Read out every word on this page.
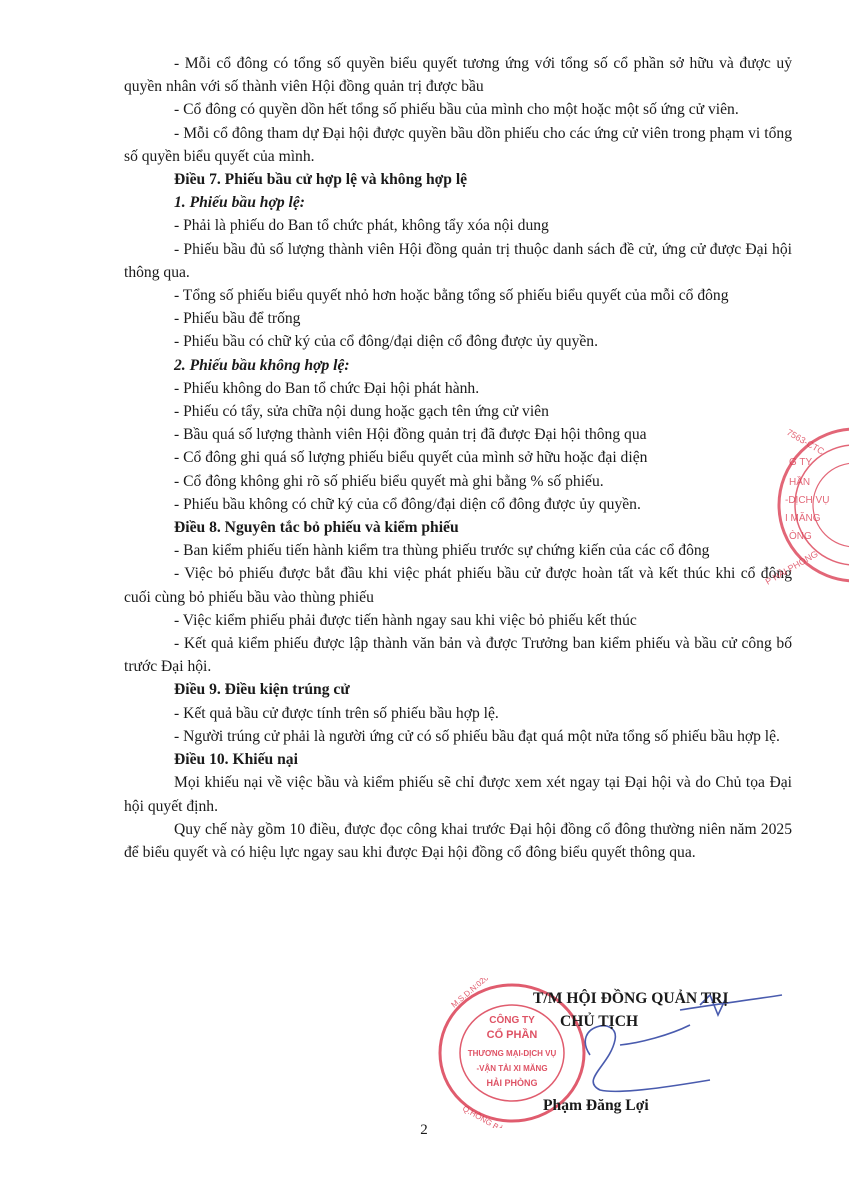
- Mỗi cổ đông có tổng số quyền biểu quyết tương ứng với tổng số cổ phần sở hữu và được uỷ quyền nhân với số thành viên Hội đồng quản trị được bầu

- Cổ đông có quyền dồn hết tổng số phiếu bầu của mình cho một hoặc một số ứng cử viên.

- Mỗi cổ đông tham dự Đại hội được quyền bầu dồn phiếu cho các ứng cử viên trong phạm vi tổng số quyền biểu quyết của mình.

Điều 7. Phiếu bầu cử hợp lệ và không hợp lệ

1. Phiếu bầu hợp lệ:

- Phải là phiếu do Ban tổ chức phát, không tẩy xóa nội dung

- Phiếu bầu đủ số lượng thành viên Hội đồng quản trị thuộc danh sách đề cử, ứng cử được Đại hội thông qua.

- Tổng số phiếu biểu quyết nhỏ hơn hoặc bằng tổng số phiếu biểu quyết của mỗi cổ đông

- Phiếu bầu để trống

- Phiếu bầu có chữ ký của cổ đông/đại diện cổ đông được ủy quyền.

2. Phiếu bầu không hợp lệ:

- Phiếu không do Ban tổ chức Đại hội phát hành.

- Phiếu có tẩy, sửa chữa nội dung hoặc gạch tên ứng cử viên

- Bầu quá số lượng thành viên Hội đồng quản trị đã được Đại hội thông qua

- Cổ đông ghi quá số lượng phiếu biểu quyết của mình sở hữu hoặc đại diện

- Cổ đông không ghi rõ số phiếu biểu quyết mà ghi bằng % số phiếu.

- Phiếu bầu không có chữ ký của cổ đông/đại diện cổ đông được ủy quyền.

Điều 8. Nguyên tắc bỏ phiếu và kiểm phiếu

- Ban kiểm phiếu tiến hành kiểm tra thùng phiếu trước sự chứng kiến của các cổ đông

- Việc bỏ phiếu được bắt đầu khi việc phát phiếu bầu cử được hoàn tất và kết thúc khi cổ đông cuối cùng bỏ phiếu bầu vào thùng phiếu

- Việc kiểm phiếu phải được tiến hành ngay sau khi việc bỏ phiếu kết thúc

- Kết quả kiểm phiếu được lập thành văn bản và được Trưởng ban kiểm phiếu và bầu cử công bố trước Đại hội.

Điều 9. Điều kiện trúng cử

- Kết quả bầu cử được tính trên số phiếu bầu hợp lệ.

- Người trúng cử phải là người ứng cử có số phiếu bầu đạt quá một nửa tổng số phiếu bầu hợp lệ.

Điều 10. Khiếu nại

Mọi khiếu nại về việc bầu và kiểm phiếu sẽ chỉ được xem xét ngay tại Đại hội và do Chủ tọa Đại hội quyết định.

Quy chế này gồm 10 điều, được đọc công khai trước Đại hội đồng cổ đông thường niên năm 2025 để biểu quyết và có hiệu lực ngay sau khi được Đại hội đồng cổ đông biểu quyết thông qua.

G TY
HẦN
-DỊCH VỤ
I MĂNG
ÒNG
7563-CTC
P HẢI PHÒNG
CÔNG TY
CỔ PHẦN
THƯƠNG MẠI-DỊCH VỤ
-VẬN TẢI XI MĂNG
HẢI PHÒNG
M.S.D.N:0200577563
Q.HỒNG BÀNG T.P
T/M HỘI ĐỒNG QUẢN TRỊ
CHỦ TỊCH
Phạm Đăng Lợi
2
